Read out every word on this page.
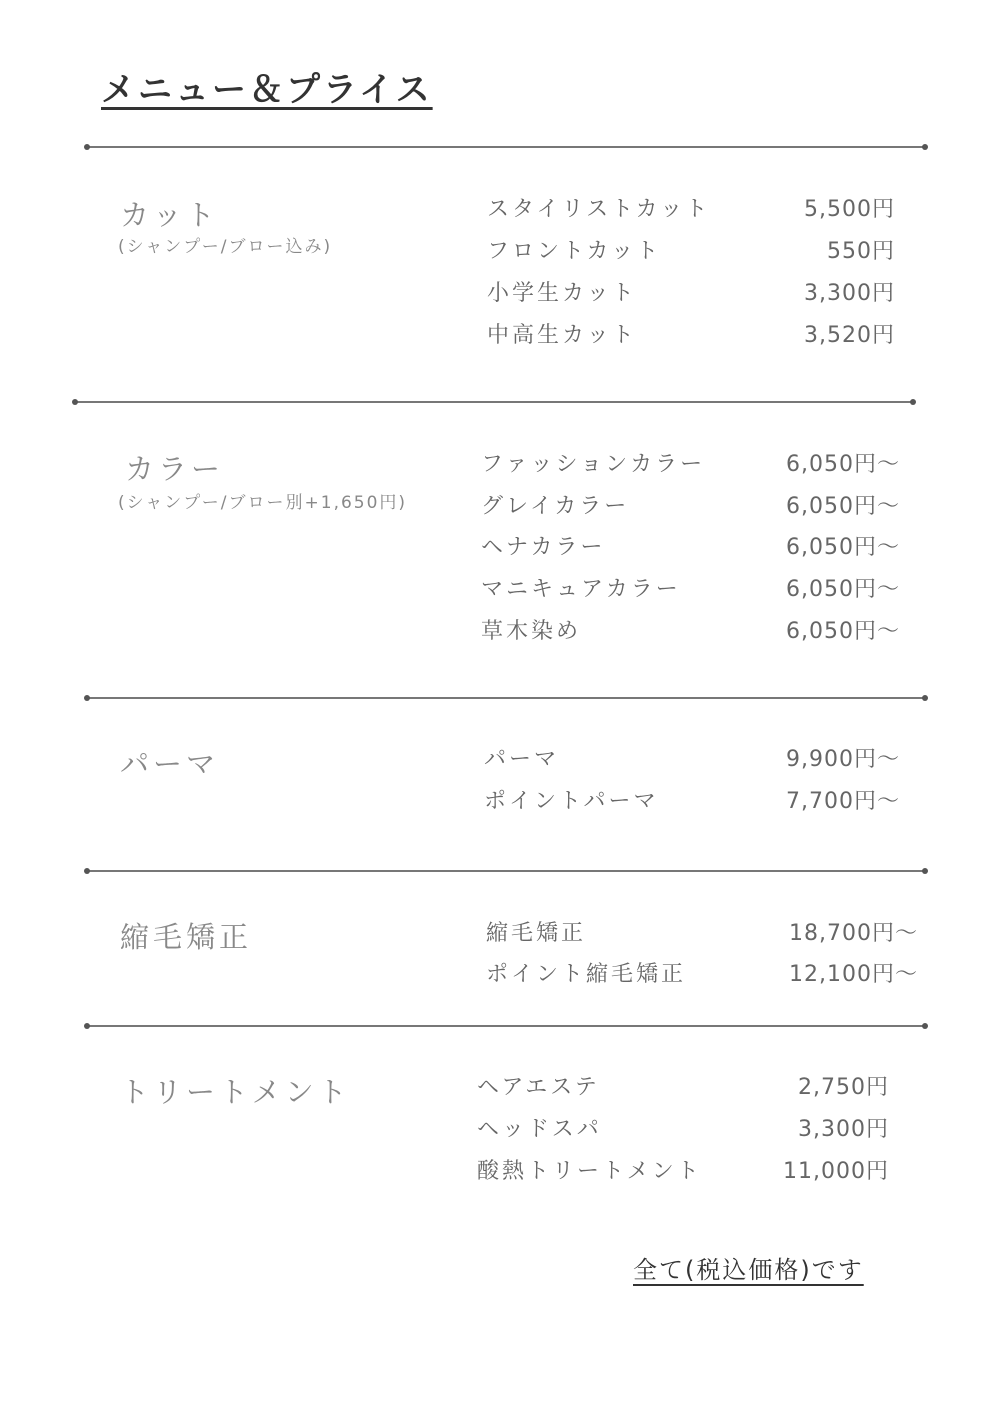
メニュー＆プライス
カット
(シャンプー/ブロー込み)
スタイリストカット	5,500円
フロントカット	550円
小学生カット	3,300円
中高生カット	3,520円
カラー
(シャンプー/ブロー別+1,650円)
ファッションカラー	6,050円〜
グレイカラー	6,050円〜
ヘナカラー	6,050円〜
マニキュアカラー	6,050円〜
草木染め	6,050円〜
パーマ	パーマ	9,900円〜
ポイントパーマ	7,700円〜
縮毛矯正	縮毛矯正	18,700円〜
ポイント縮毛矯正	12,100円〜
トリートメント	ヘアエステ	2,750円
ヘッドスパ	3,300円
酸熱トリートメント	11,000円
全て(税込価格)です
